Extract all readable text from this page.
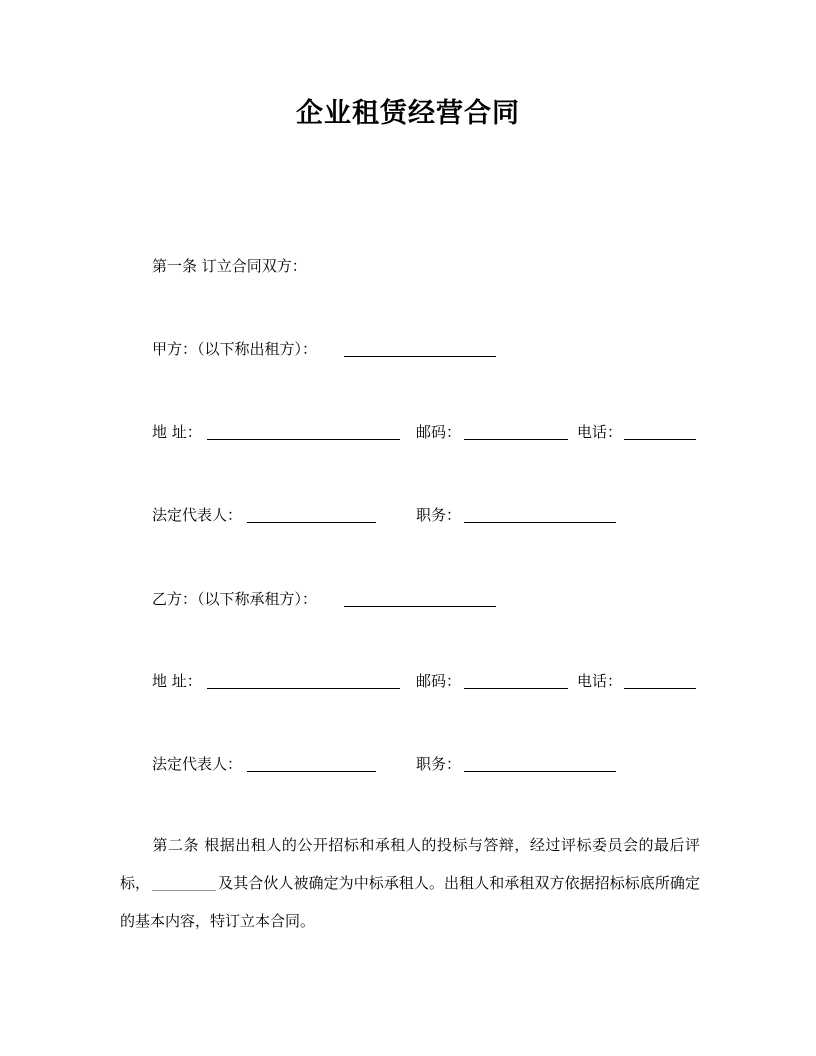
企业租赁经营合同
第一条 订立合同双方：
甲方：（以下称出租方）：
地 址：	邮码：	电话：
法定代表人：	职务：
乙方：（以下称承租方）：
地 址：	邮码：	电话：
法定代表人：	职务：
第二条 根据出租人的公开招标和承租人的投标与答辩，经过评标委员会的最后评标，	及其合伙人被确定为中标承租人。出租人和承租双方依据招标标底所确定的基本内容，特订立本合同。
